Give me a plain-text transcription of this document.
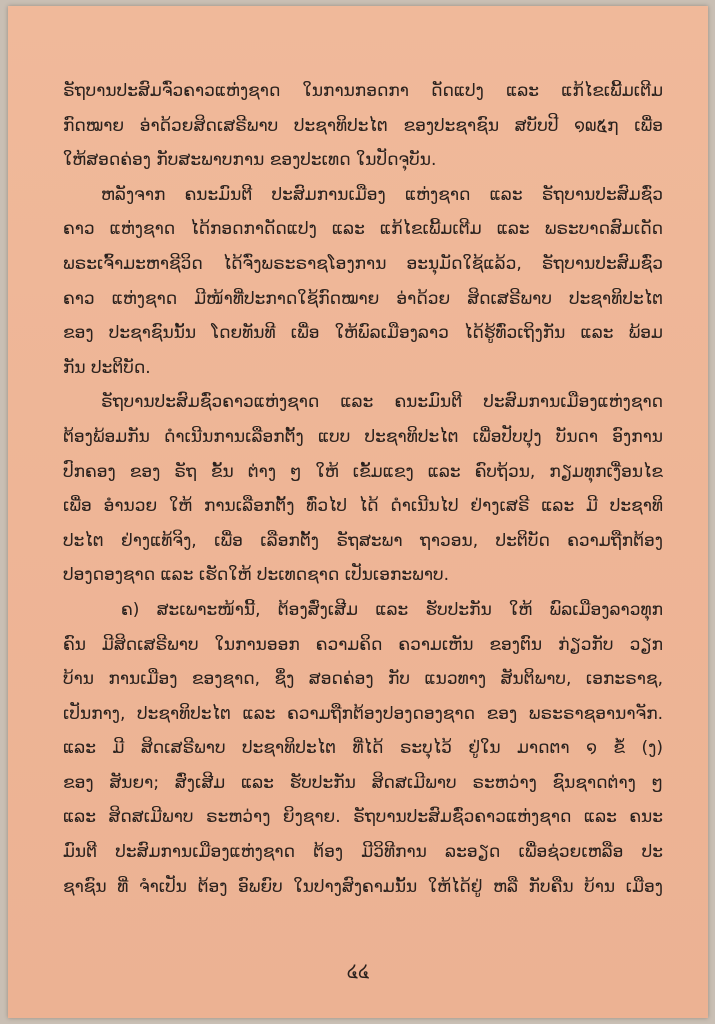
ຣັຖບານປະສົມຈົ່ວຄາວແຫ່ງຊາດ ໃນການກອດກາ ດັດແປງ ແລະ ແກ້ໄຂເພີ້ມເຕີມ
ກົດໝາຍ ອ່າດ້ວຍສິດເສຣີພາບ ປະຊາທິປະໄຕ ຂອງປະຊາຊົນ ສບັບປີ ໑໙໕໗ ເພື່ອ
ໃຫ້ສອດຄ່ອງ ກັບສະພາບການ ຂອງປະເທດ ໃນປັດຈຸບັນ.
ຫລັງຈາກ ຄນະມົນຕີ ປະສົມການເມືອງ ແຫ່ງຊາດ ແລະ ຣັຖບານປະສົມຊົ່ວ
ຄາວ ແຫ່ງຊາດ ໄດ້ກອດກາດັດແປງ ແລະ ແກ້ໄຂເພີ້ມເຕີມ ແລະ ພຣະບາດສົມເດັດ
ພຣະເຈົ້າມະຫາຊີວິດ ໄດ້ຈົ່ງພຣະຣາຊໂອງການ ອະນຸມັດໃຊ້ແລ້ວ, ຣັຖບານປະສົມຊົ່ວ
ຄາວ ແຫ່ງຊາດ ມີໜ້າທີ່ປະກາດໃຊ້ກົດໝາຍ ອ່າດ້ວຍ ສິດເສຣີພາບ ປະຊາທິປະໄຕ
ຂອງ ປະຊາຊົນນັ້ນ ໂດຍທັນທີ ເພື່ອ ໃຫ້ພົລເມືອງລາວ ໄດ້ຮູ້ທົ່ວເຖິງກັນ ແລະ ພ້ອມ
ກັນ ປະຕິບັດ.
ຣັຖບານປະສົມຊົ່ວຄາວແຫ່ງຊາດ ແລະ ຄນະມົນຕີ ປະສົມການເມືອງແຫ່ງຊາດ
ຕ້ອງພ້ອມກັນ ດຳເນີນການເລືອກຕັ້ງ ແບບ ປະຊາທິປະໄຕ ເພື່ອປັບປຸງ ບັນດາ ອົງການ
ປົກຄອງ ຂອງ ຣັຖ ຂັ້ນ ຕ່າງ ໆ ໃຫ້ ເຂັ້ມແຂງ ແລະ ຄົບຖ້ວນ, ກຽມທຸກເງື່ອນໄຂ
ເພື່ອ ອຳນວຍ ໃຫ້ ການເລືອກຕັ້ງ ທົ່ວໄປ ໄດ້ ດຳເນີນໄປ ຢ່າງເສຣີ ແລະ ມີ ປະຊາທິ
ປະໄຕ ຢ່າງແທ້ຈິງ, ເພື່ອ ເລືອກຕັ້ງ ຣັຖສະພາ ຖາວອນ, ປະຕິບັດ ຄວາມຖືກຕ້ອງ
ປອງດອງຊາດ ແລະ ເຮັດໃຫ້ ປະເທດຊາດ ເປັນເອກະພາບ.
ຄ) ສະເພາະໜ້ານີ້, ຕ້ອງສົ່ງເສີມ ແລະ ຮັບປະກັນ ໃຫ້ ພົລເມືອງລາວທຸກ
ຄົນ ມີສິດເສຣີພາບ ໃນການອອກ ຄວາມຄິດ ຄວາມເຫັນ ຂອງຕົນ ກ່ຽວກັບ ວຽກ
ບ້ານ ການເມືອງ ຂອງຊາດ, ຊຶ່ງ ສອດຄ່ອງ ກັບ ແນວທາງ ສັນຕິພາບ, ເອກະຣາຊ,
ເປັນກາງ, ປະຊາທິປະໄຕ ແລະ ຄວາມຖືກຕ້ອງປອງດອງຊາດ ຂອງ ພຣະຣາຊອານາຈັກ.
ແລະ ມີ ສິດເສຣີພາບ ປະຊາທິປະໄຕ ທີ່ໄດ້ ຣະບຸໄວ້ ຢູ່ໃນ ມາດຕາ ໑ ຂໍ້ (ງ)
ຂອງ ສັນຍາ; ສົ່ງເສີມ ແລະ ຮັບປະກັນ ສິດສເມີພາບ ຣະຫວ່າງ ຊົນຊາດຕ່າງ ໆ
ແລະ ສິດສເມີພາບ ຣະຫວ່າງ ຍິງຊາຍ. ຣັຖບານປະສົມຊົ່ວຄາວແຫ່ງຊາດ ແລະ ຄນະ
ມົນຕີ ປະສົມການເມືອງແຫ່ງຊາດ ຕ້ອງ ມີວິທີການ ລະອຽດ ເພື່ອຊ່ວຍເຫລືອ ປະ
ຊາຊົນ ທີ່ ຈຳເປັນ ຕ້ອງ ອົພຍົບ ໃນປາງສົງຄາມນັ້ນ ໃຫ້ໄດ້ຢູ່ ຫລື ກັບຄືນ ບ້ານ ເມືອງ
໔໔
